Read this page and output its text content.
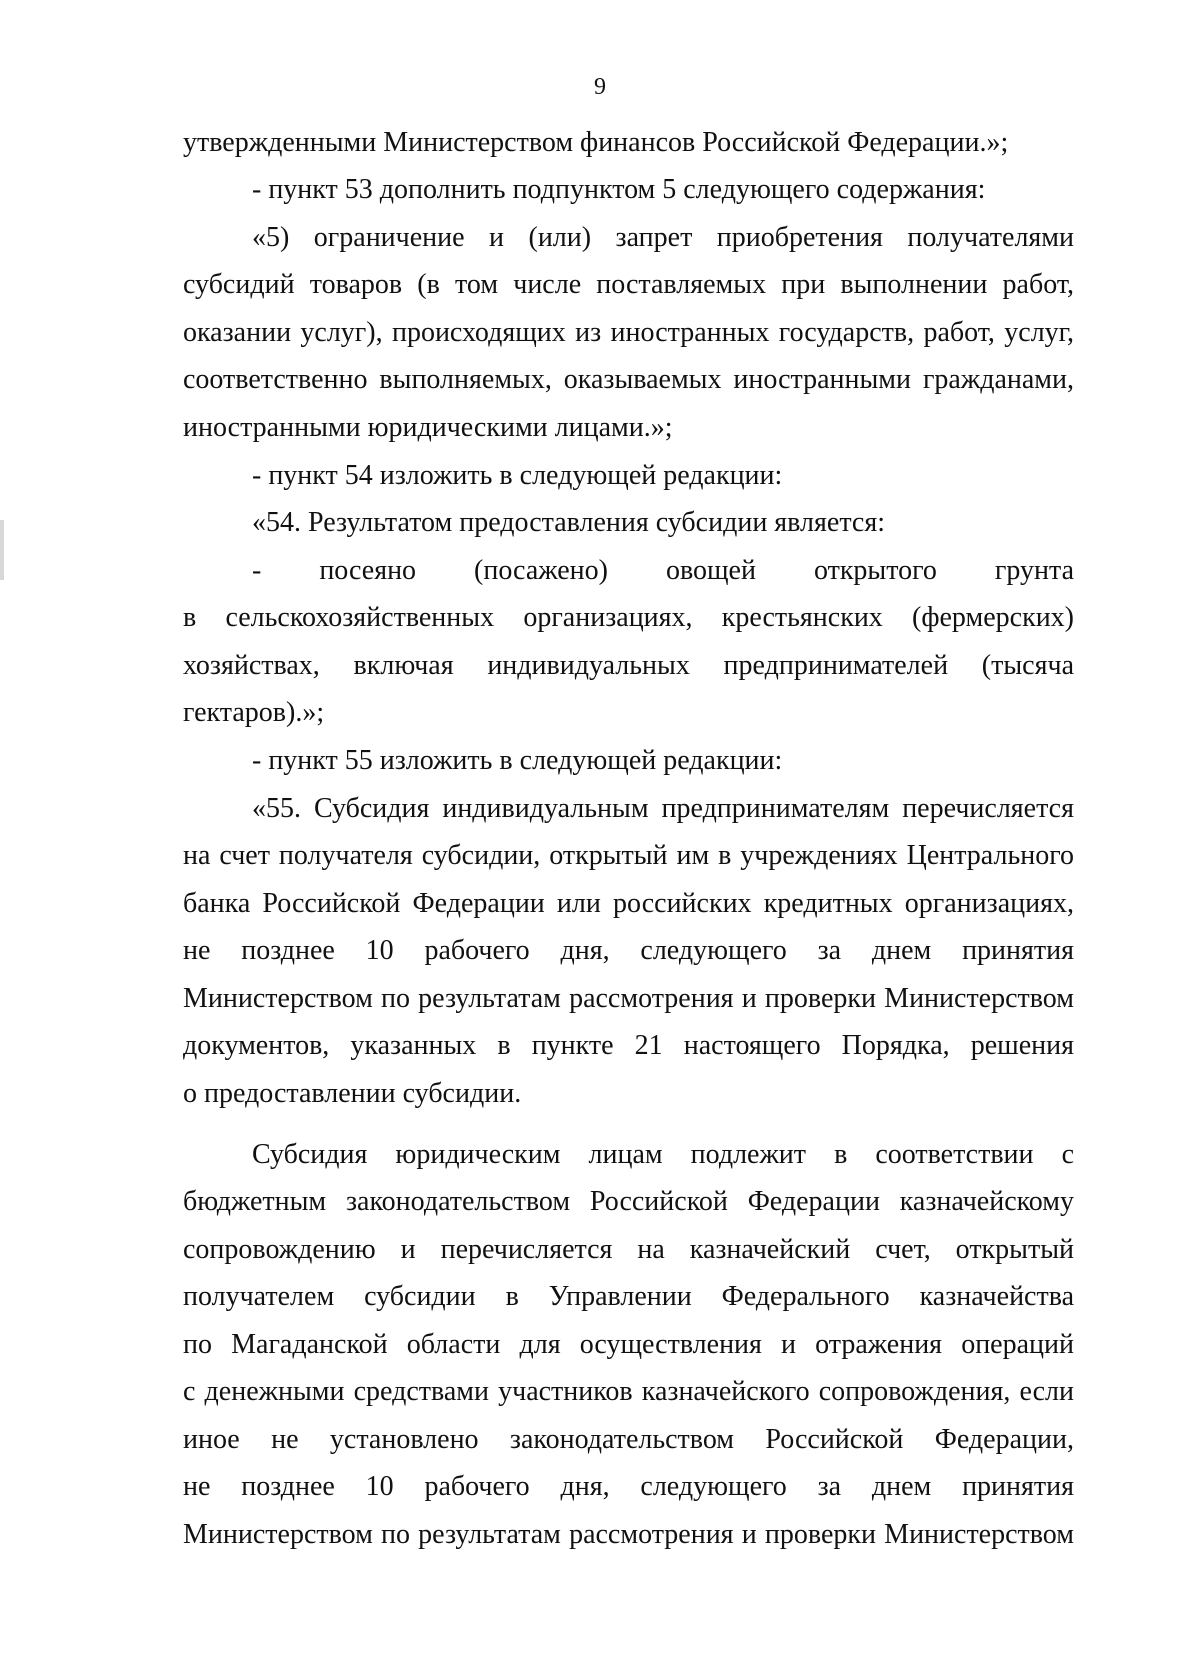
9
утвержденными Министерством финансов Российской Федерации.»;
- пункт 53 дополнить подпунктом 5 следующего содержания:
«5) ограничение и (или) запрет приобретения получателями
субсидий товаров (в том числе поставляемых при выполнении работ,
оказании услуг), происходящих из иностранных государств, работ, услуг,
соответственно выполняемых, оказываемых иностранными гражданами,
иностранными юридическими лицами.»;
- пункт 54 изложить в следующей редакции:
«54. Результатом предоставления субсидии является:
- посеяно (посажено) овощей открытого грунта
в сельскохозяйственных организациях, крестьянских (фермерских)
хозяйствах, включая индивидуальных предпринимателей (тысяча
гектаров).»;
- пункт 55 изложить в следующей редакции:
«55. Субсидия индивидуальным предпринимателям перечисляется
на счет получателя субсидии, открытый им в учреждениях Центрального
банка Российской Федерации или российских кредитных организациях,
не позднее 10 рабочего дня, следующего за днем принятия
Министерством по результатам рассмотрения и проверки Министерством
документов, указанных в пункте 21 настоящего Порядка, решения
о предоставлении субсидии.
Субсидия юридическим лицам подлежит в соответствии с
бюджетным законодательством Российской Федерации казначейскому
сопровождению и перечисляется на казначейский счет, открытый
получателем субсидии в Управлении Федерального казначейства
по Магаданской области для осуществления и отражения операций
с денежными средствами участников казначейского сопровождения, если
иное не установлено законодательством Российской Федерации,
не позднее 10 рабочего дня, следующего за днем принятия
Министерством по результатам рассмотрения и проверки Министерством
